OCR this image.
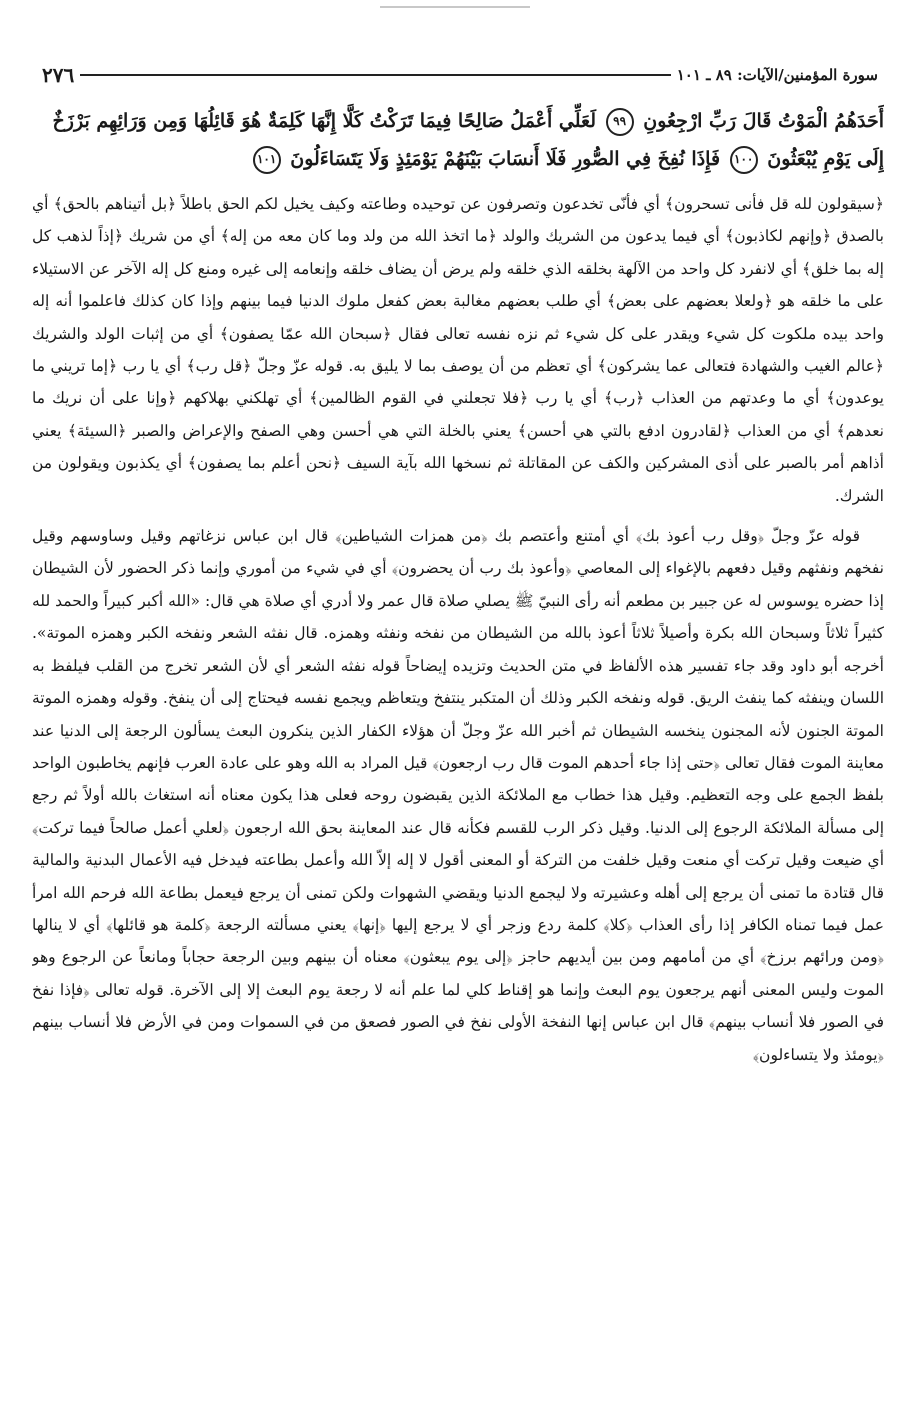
سورة المؤمنين/الآيات: ٨٩ ـ ١٠١
٢٧٦
أَحَدَهُمُ الْمَوْتُ قَالَ رَبِّ ارْجِعُونِ ٩٩ لَعَلِّي أَعْمَلُ صَالِحًا فِيمَا تَرَكْتُ كَلَّا إِنَّهَا كَلِمَةٌ هُوَ قَائِلُهَا وَمِن وَرَائِهِم بَرْزَخٌ
إِلَى يَوْمِ يُبْعَثُونَ ١٠٠ فَإِذَا نُفِخَ فِي الصُّورِ فَلَا أَنسَابَ بَيْنَهُمْ يَوْمَئِذٍ وَلَا يَتَسَاءَلُونَ ١٠١

﴿سيقولون لله قل فأنى تسحرون﴾ أي فأنّى تخدعون وتصرفون عن توحيده وطاعته وكيف يخيل لكم الحق باطلاً ﴿بل أتيناهم بالحق﴾ أي بالصدق ﴿وإنهم لكاذبون﴾ أي فيما يدعون من الشريك والولد ﴿ما اتخذ الله من ولد وما كان معه من إله﴾ أي من شريك ﴿إذاً لذهب كل إله بما خلق﴾ أي لانفرد كل واحد من الآلهة بخلقه الذي خلقه ولم يرض أن يضاف خلقه وإنعامه إلى غيره ومنع كل إله الآخر عن الاستيلاء على ما خلقه هو ﴿ولعلا بعضهم على بعض﴾ أي طلب بعضهم مغالبة بعض كفعل ملوك الدنيا فيما بينهم وإذا كان كذلك فاعلموا أنه إله واحد بيده ملكوت كل شيء ويقدر على كل شيء ثم نزه نفسه تعالى فقال ﴿سبحان الله عمّا يصفون﴾ أي من إثبات الولد والشريك ﴿عالم الغيب والشهادة فتعالى عما يشركون﴾ أي تعظم من أن يوصف بما لا يليق به. قوله عزّ وجلّ ﴿قل رب﴾ أي يا رب ﴿إما تريني ما يوعدون﴾ أي ما وعدتهم من العذاب ﴿رب﴾ أي يا رب ﴿فلا تجعلني في القوم الظالمين﴾ أي تهلكني بهلاكهم ﴿وإنا على أن نريك ما نعدهم﴾ أي من العذاب ﴿لقادرون ادفع بالتي هي أحسن﴾ يعني بالخلة التي هي أحسن وهي الصفح والإعراض والصبر ﴿السيئة﴾ يعني أذاهم أمر بالصبر على أذى المشركين والكف عن المقاتلة ثم نسخها الله بآية السيف ﴿نحن أعلم بما يصفون﴾ أي يكذبون ويقولون من الشرك.

قوله عزّ وجلّ ﴿وقل رب أعوذ بك﴾ أي أمتنع وأعتصم بك ﴿من همزات الشياطين﴾ قال ابن عباس نزغاتهم وقيل وساوسهم وقيل نفخهم ونفثهم وقيل دفعهم بالإغواء إلى المعاصي ﴿وأعوذ بك رب أن يحضرون﴾ أي في شيء من أموري وإنما ذكر الحضور لأن الشيطان إذا حضره يوسوس له عن جبير بن مطعم أنه رأى النبيّ ﷺ يصلي صلاة قال عمر ولا أدري أي صلاة هي قال: «الله أكبر كبيراً والحمد لله كثيراً ثلاثاً وسبحان الله بكرة وأصيلاً ثلاثاً أعوذ بالله من الشيطان من نفخه ونفثه وهمزه. قال نفثه الشعر ونفخه الكبر وهمزه الموتة». أخرجه أبو داود وقد جاء تفسير هذه الألفاظ في متن الحديث وتزيده إيضاحاً قوله نفثه الشعر أي لأن الشعر تخرج من القلب فيلفظ به اللسان وينفثه كما ينفث الريق. قوله ونفخه الكبر وذلك أن المتكبر ينتفخ ويتعاظم ويجمع نفسه فيحتاج إلى أن ينفخ. وقوله وهمزه الموتة الموتة الجنون لأنه المجنون ينخسه الشيطان ثم أخبر الله عزّ وجلّ أن هؤلاء الكفار الذين ينكرون البعث يسألون الرجعة إلى الدنيا عند معاينة الموت فقال تعالى ﴿حتى إذا جاء أحدهم الموت قال رب ارجعون﴾ قيل المراد به الله وهو على عادة العرب فإنهم يخاطبون الواحد بلفظ الجمع على وجه التعظيم. وقيل هذا خطاب مع الملائكة الذين يقبضون روحه فعلى هذا يكون معناه أنه استغاث بالله أولاً ثم رجع إلى مسألة الملائكة الرجوع إلى الدنيا. وقيل ذكر الرب للقسم فكأنه قال عند المعاينة بحق الله ارجعون ﴿لعلي أعمل صالحاً فيما تركت﴾ أي ضيعت وقيل تركت أي منعت وقيل خلفت من التركة أو المعنى أقول لا إله إلاّ الله وأعمل بطاعته فيدخل فيه الأعمال البدنية والمالية قال قتادة ما تمنى أن يرجع إلى أهله وعشيرته ولا ليجمع الدنيا ويقضي الشهوات ولكن تمنى أن يرجع فيعمل بطاعة الله فرحم الله امرأ عمل فيما تمناه الكافر إذا رأى العذاب ﴿كلا﴾ كلمة ردع وزجر أي لا يرجع إليها ﴿إنها﴾ يعني مسألته الرجعة ﴿كلمة هو قائلها﴾ أي لا ينالها ﴿ومن ورائهم برزخ﴾ أي من أمامهم ومن بين أيديهم حاجز ﴿إلى يوم يبعثون﴾ معناه أن بينهم وبين الرجعة حجاباً ومانعاً عن الرجوع وهو الموت وليس المعنى أنهم يرجعون يوم البعث وإنما هو إقناط كلي لما علم أنه لا رجعة يوم البعث إلا إلى الآخرة. قوله تعالى ﴿فإذا نفخ في الصور فلا أنساب بينهم﴾ قال ابن عباس إنها النفخة الأولى نفخ في الصور فصعق من في السموات ومن في الأرض فلا أنساب بينهم ﴿يومئذ ولا يتساءلون﴾
